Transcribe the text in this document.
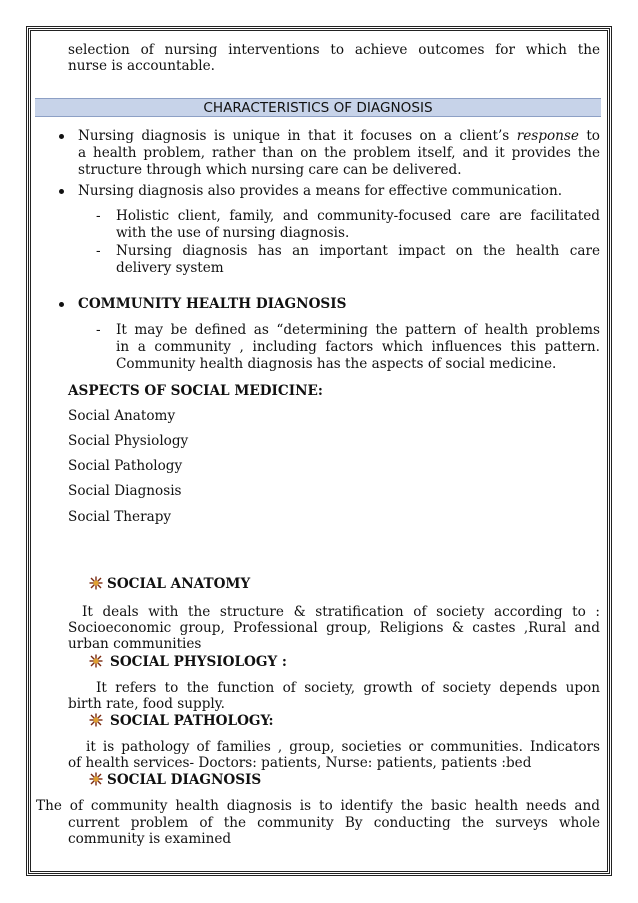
selection of nursing interventions to achieve outcomes for which the
nurse is accountable.
CHARACTERISTICS OF DIAGNOSIS
Nursing diagnosis is unique in that it focuses on a client’s response to
a health problem, rather than on the problem itself, and it provides the
structure through which nursing care can be delivered.
Nursing diagnosis also provides a means for effective communication.
- Holistic client, family, and community-focused care are facilitated
with the use of nursing diagnosis.
- Nursing diagnosis has an important impact on the health care
delivery system
COMMUNITY HEALTH DIAGNOSIS
- It may be defined as “determining the pattern of health problems
in a community , including factors which influences this pattern.
Community health diagnosis has the aspects of social medicine.
ASPECTS OF SOCIAL MEDICINE:
Social Anatomy
Social Physiology
Social Pathology
Social Diagnosis
Social Therapy
SOCIAL ANATOMY
It deals with the structure & stratification of society according to :
Socioeconomic group, Professional group, Religions & castes ,Rural and
urban communities
SOCIAL PHYSIOLOGY :
It refers to the function of society, growth of society depends upon
birth rate, food supply.
SOCIAL PATHOLOGY:
it is pathology of families , group, societies or communities. Indicators
of health services- Doctors: patients, Nurse: patients, patients :bed
SOCIAL DIAGNOSIS
The of community health diagnosis is to identify the basic health needs and
current problem of the community By conducting the surveys whole
community is examined
